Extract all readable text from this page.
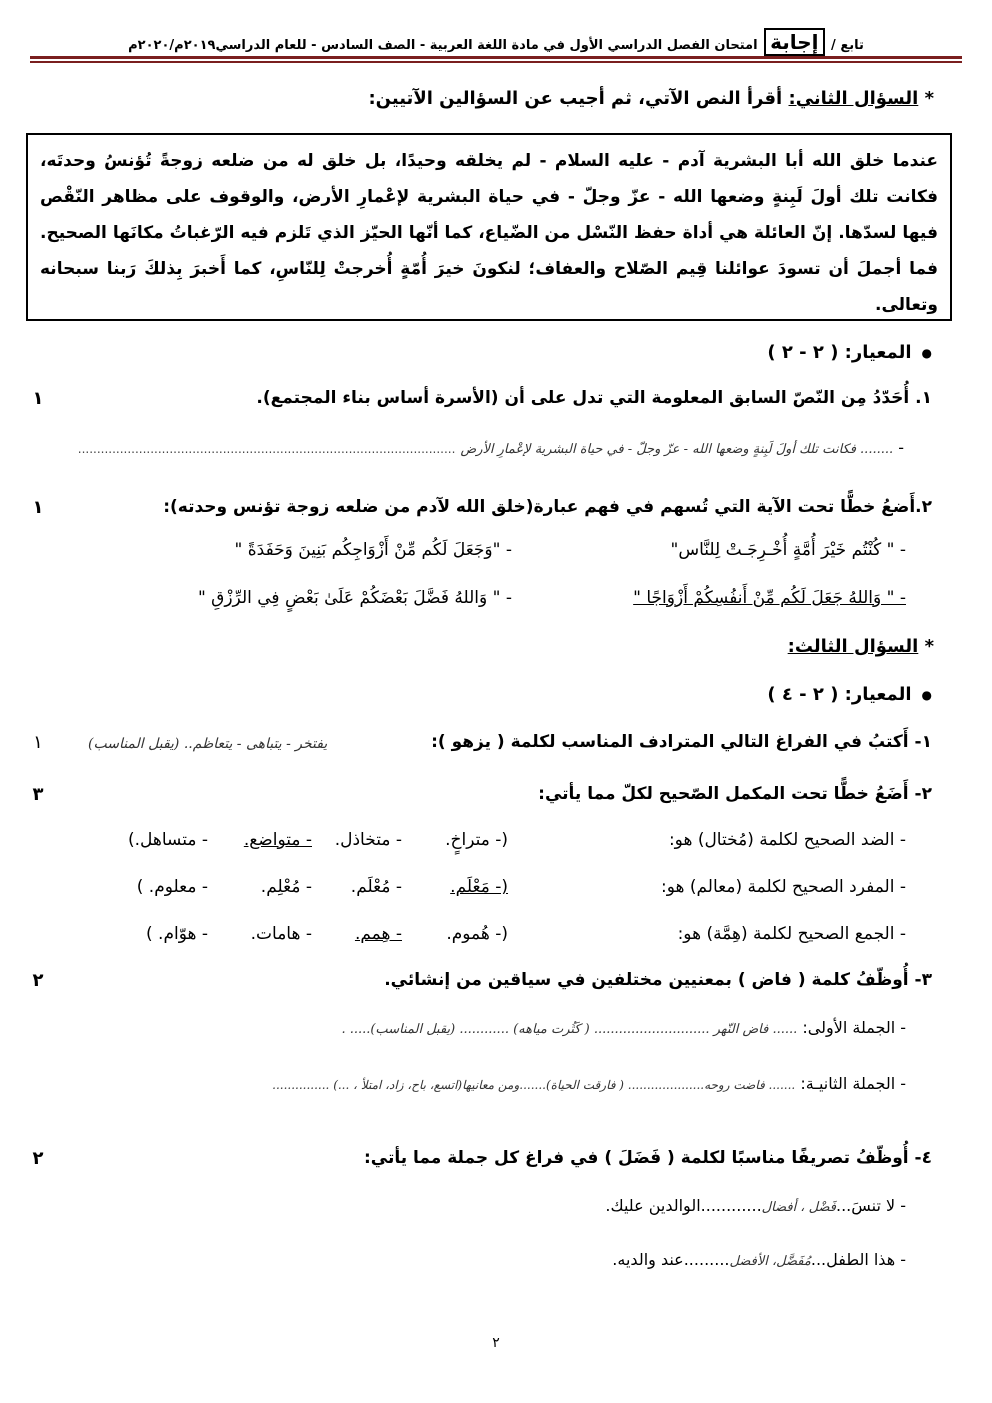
تابع / إجابة امتحان الفصل الدراسي الأول في مادة اللغة العربية - الصف السادس - للعام الدراسي٢٠١٩م/٢٠٢٠م
* السؤال الثاني: أقرأ النص الآتي، ثم أجيب عن السؤالين الآتيين:
عندما خلق الله أبا البشرية آدم - عليه السلام - لم يخلقه وحيدًا، بل خلق له من ضلعه زوجةً تُؤنسُ وحدتَه، فكانت تلك أولَ لَبِنةٍ وضعها الله - عزّ وجلّ - في حياة البشرية لإعْمارِ الأرض، والوقوف على مظاهر النّقْص فيها لسدّها. إنّ العائلة هي أداة حفظ النّسْل من الضّياع، كما أنّها الحيّز الذي تَلزم فيه الرّغباتُ مكانَها الصحيح. فما أجملَ أن تسودَ عوائلنا قِيم الصّلاح والعفاف؛ لنكونَ خيرَ أُمّةٍ أُخرجتْ لِلنّاسِ، كما أَخبرَ بِذلكَ رَبنا سبحانه وتعالى.
● المعيار: ( ٢ - ٢ )
١. أُحَدّدُ مِن النّصّ السابق المعلومة التي تدل على أن (الأسرة أساس بناء المجتمع).
١
- ........ فكانت تلك أولَ لَبِنةٍ وضعها الله - عزّ وجلّ - في حياة البشرية لإعْمارِ الأرض ...................................................................................................
٢.أَضعُ خطًّا تحت الآية التي تُسهم في فهم عبارة(خلق الله لآدم من ضلعه زوجة تؤنس وحدته):
١
- " كُنْتُم خَيْرَ أُمَّةٍ أُخْـرِجَـتْ لِلنَّاس"
- "وَجَعَلَ لَكُم مِّنْ أَزْوَاجِكُم بَنِينَ وَحَفَدَةً "
- " وَاللهُ جَعَلَ لَكُم مِّنْ أَنفُسِكُمْ أَزْوَاجًا "
- " وَاللهُ فَضَّلَ بَعْضَكُمْ عَلَىٰ بَعْضٍ فِي الرِّزْقِ "
* السؤال الثالث:
● المعيار: ( ٢ - ٤ )
١- أَكتبُ في الفراغ التالي المترادف المناسب لكلمة ( يزهو ):
يفتخر - يتباهى - يتعاظم.. (يقبل المناسب)
١
٢- أَضَعُ خطًّا تحت المكمل الصّحيح لكلّ مما يأتي:
٣
- الضد الصحيح لكلمة (مُختال) هو:
(- متراخٍ.
- متخاذل.
- متواضع.
- متساهل.)
- المفرد الصحيح لكلمة (معالم) هو:
(- مَعْلَم.
- مُعْلَم.
- مُعْلِم.
- معلوم. )
- الجمع الصحيح لكلمة (هِمَّة) هو:
(- هُموم.
- هِمم.
- هامات.
- هوّام. )
٣- أُوظّفُ كلمة ( فاض ) بمعنيين مختلفين في سياقين من إنشائي.
٢
- الجملة الأولى: ...... فاض النّهر ............................ ( كَثُرت مياهه) ............ (يقبل المناسب)..... .
- الجملة الثانيـة: ....... فاضت روحه.................... ( فارقت الحياة).......ومن معانيها(اتسع، باح، زاد، امتلأ ، ...) ...............
٤- أُوظّفُ تصريفًا مناسبًا لكلمة ( فَضَلَ ) في فراغ كل جملة مما يأتي:
٢
- لا تنسَ...فَضْل ، أفضال............الوالدين عليك.
- هذا الطفل...مُفَضَّل، الأفضل.........عند والديه.
٢
